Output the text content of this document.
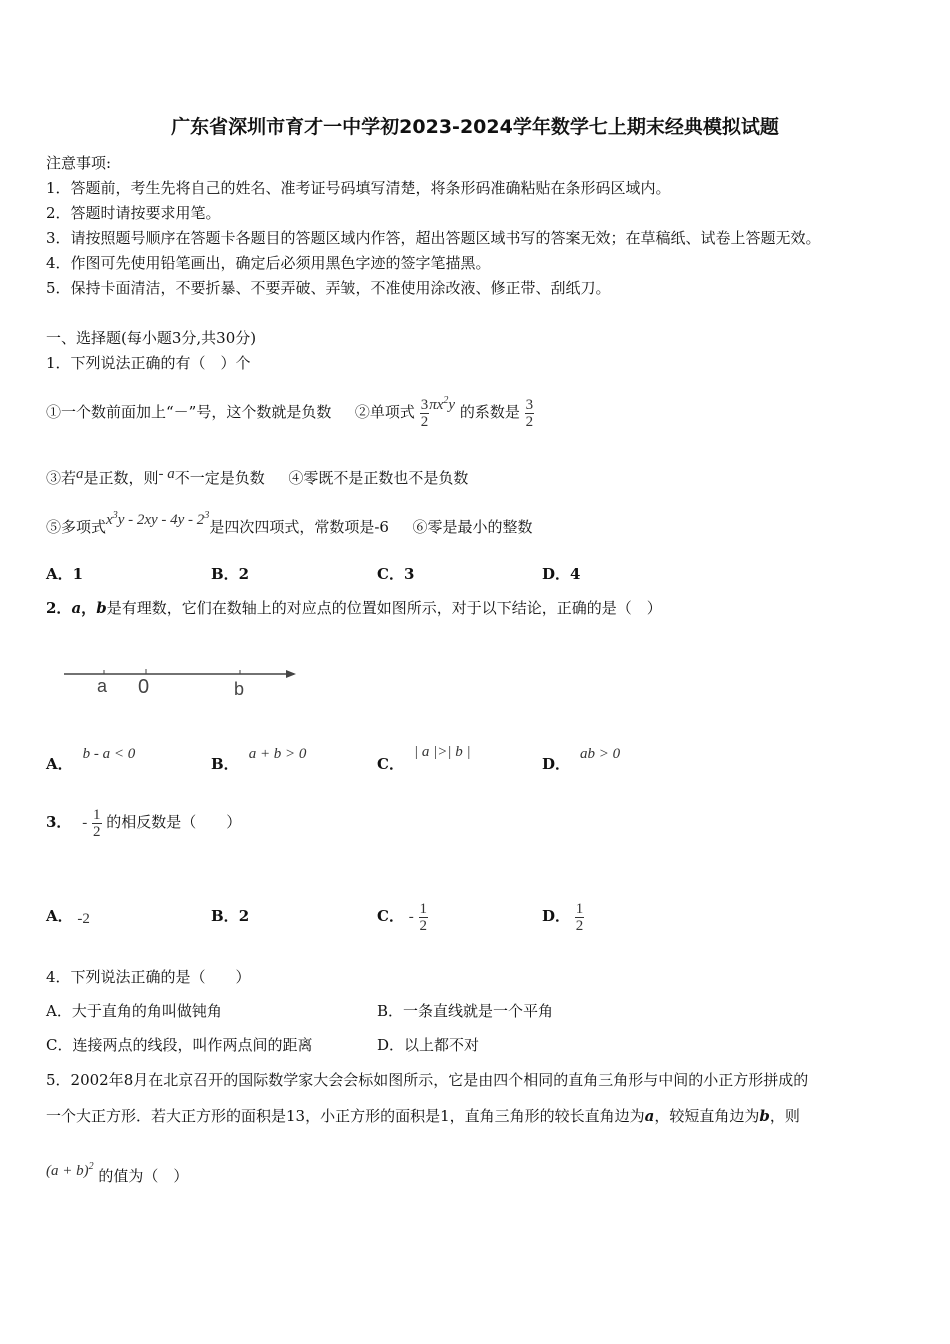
广东省深圳市育才一中学初2023-2024学年数学七上期末经典模拟试题
注意事项:
1．答题前，考生先将自己的姓名、准考证号码填写清楚，将条形码准确粘贴在条形码区域内。
2．答题时请按要求用笔。
3．请按照题号顺序在答题卡各题目的答题区域内作答，超出答题区域书写的答案无效；在草稿纸、试卷上答题无效。
4．作图可先使用铅笔画出，确定后必须用黑色字迹的签字笔描黑。
5．保持卡面清洁，不要折暴、不要弄破、弄皱，不准使用涂改液、修正带、刮纸刀。
一、选择题(每小题3分,共30分)
1．下列说法正确的有（　）个
①一个数前面加上“－”号，这个数就是负数 ②单项式 $\frac{3}{2} \pi x^2y$ 的系数是 $\frac{3}{2}$
③若a是正数，则- a不一定是负数 ④零既不是正数也不是负数
⑤多项式$x^3y - 2xy - 4y - 2^3$是四次四项式，常数项是-6 ⑥零是最小的整数
A．1	B．2	C．3	D．4
2．a，b是有理数，它们在数轴上的对应点的位置如图所示，对于以下结论，正确的是（　）
a 0	b
A．b - a < 0
B．a + b > 0
C．| a |>| b |
D．ab > 0
3． - $\frac{1}{2}$ 的相反数是（　　）
A． -2	B．2	C． - $\frac{1}{2}$	D． $\frac{1}{2}$
4．下列说法正确的是（　　）
A．大于直角的角叫做钝角	B．一条直线就是一个平角
C．连接两点的线段，叫作两点间的距离	D．以上都不对
5．2002年8月在北京召开的国际数学家大会会标如图所示，它是由四个相同的直角三角形与中间的小正方形拼成的
一个大正方形．若大正方形的面积是13，小正方形的面积是1，直角三角形的较长直角边为a，较短直角边为b，则
$(a + b)^2$ 的值为（　）
